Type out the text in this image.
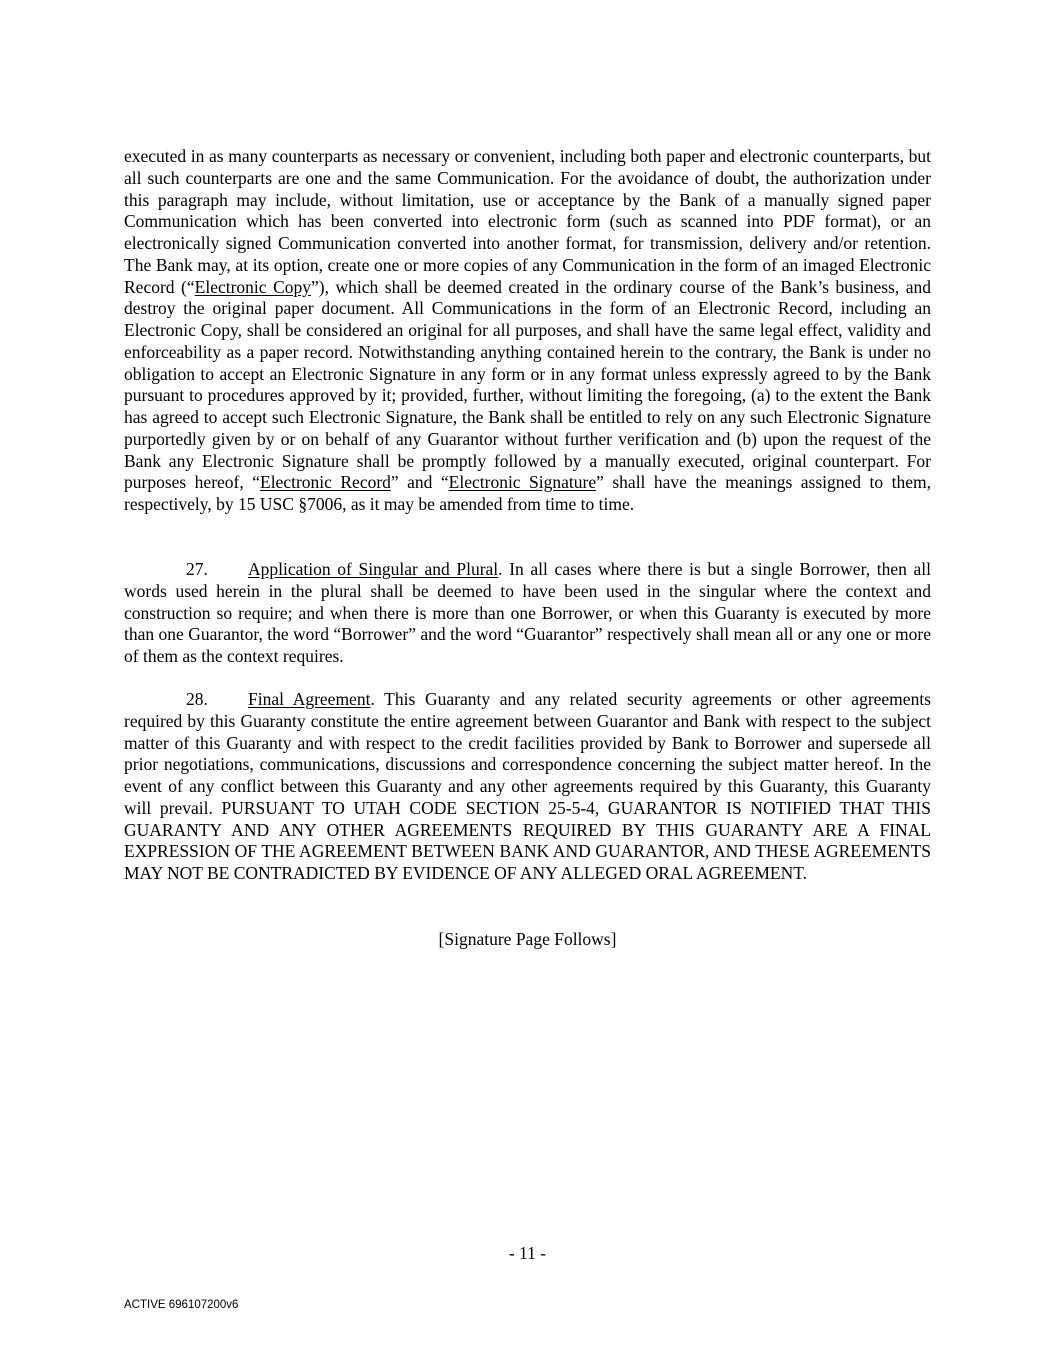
executed in as many counterparts as necessary or convenient, including both paper and electronic counterparts, but all such counterparts are one and the same Communication. For the avoidance of doubt, the authorization under this paragraph may include, without limitation, use or acceptance by the Bank of a manually signed paper Communication which has been converted into electronic form (such as scanned into PDF format), or an electronically signed Communication converted into another format, for transmission, delivery and/or retention. The Bank may, at its option, create one or more copies of any Communication in the form of an imaged Electronic Record (“Electronic Copy”), which shall be deemed created in the ordinary course of the Bank’s business, and destroy the original paper document. All Communications in the form of an Electronic Record, including an Electronic Copy, shall be considered an original for all purposes, and shall have the same legal effect, validity and enforceability as a paper record. Notwithstanding anything contained herein to the contrary, the Bank is under no obligation to accept an Electronic Signature in any form or in any format unless expressly agreed to by the Bank pursuant to procedures approved by it; provided, further, without limiting the foregoing, (a) to the extent the Bank has agreed to accept such Electronic Signature, the Bank shall be entitled to rely on any such Electronic Signature purportedly given by or on behalf of any Guarantor without further verification and (b) upon the request of the Bank any Electronic Signature shall be promptly followed by a manually executed, original counterpart. For purposes hereof, “Electronic Record” and “Electronic Signature” shall have the meanings assigned to them, respectively, by 15 USC §7006, as it may be amended from time to time.

27. Application of Singular and Plural. In all cases where there is but a single Borrower, then all words used herein in the plural shall be deemed to have been used in the singular where the context and construction so require; and when there is more than one Borrower, or when this Guaranty is executed by more than one Guarantor, the word “Borrower” and the word “Guarantor” respectively shall mean all or any one or more of them as the context requires.

28. Final Agreement. This Guaranty and any related security agreements or other agreements required by this Guaranty constitute the entire agreement between Guarantor and Bank with respect to the subject matter of this Guaranty and with respect to the credit facilities provided by Bank to Borrower and supersede all prior negotiations, communications, discussions and correspondence concerning the subject matter hereof. In the event of any conflict between this Guaranty and any other agreements required by this Guaranty, this Guaranty will prevail. PURSUANT TO UTAH CODE SECTION 25-5-4, GUARANTOR IS NOTIFIED THAT THIS GUARANTY AND ANY OTHER AGREEMENTS REQUIRED BY THIS GUARANTY ARE A FINAL EXPRESSION OF THE AGREEMENT BETWEEN BANK AND GUARANTOR, AND THESE AGREEMENTS MAY NOT BE CONTRADICTED BY EVIDENCE OF ANY ALLEGED ORAL AGREEMENT.

[Signature Page Follows]
- 11 -
ACTIVE 696107200v6
